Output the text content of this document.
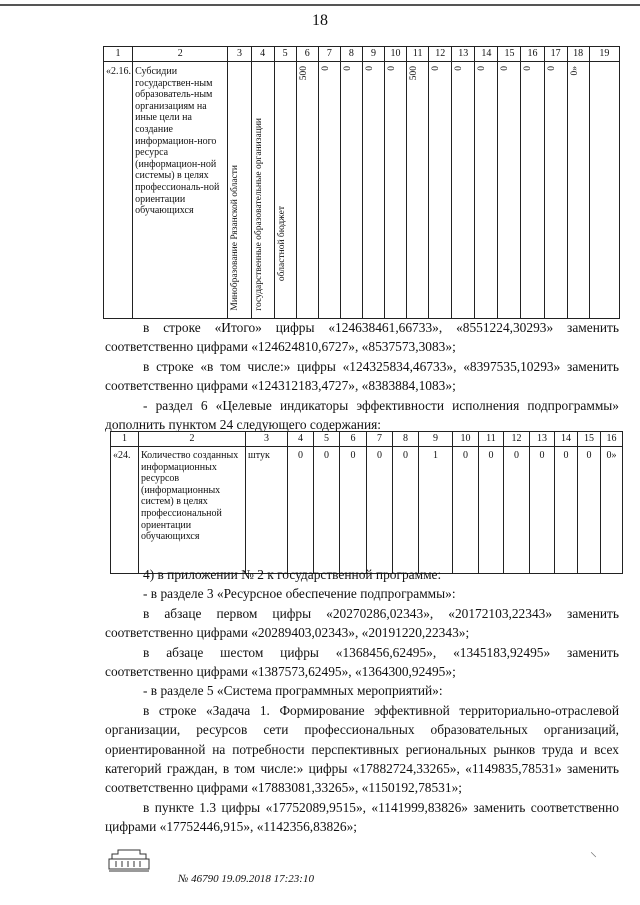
18
1	2	3	4	5	6	7	8	9	10	11	12	13	14	15	16	17	18	19
«2.16.	Субсидии государствен-ным образователь-ным организациям на иные цели на создание информацион-ного ресурса (информацион-ной системы) в целях профессиональ-ной ориентации обучающихся	Минобразование Рязанской области	государственные образовательные организации	областной бюджет	500	0	0	0	0	500	0	0	0	0	0	0	0»	

в строке «Итого» цифры «124638461,66733», «8551224,30293» заменить соответственно цифрами «124624810,6727», «8537573,3083»;

в строке «в том числе:» цифры «124325834,46733», «8397535,10293» заменить соответственно цифрами «124312183,4727», «8383884,1083»;

- раздел 6 «Целевые индикаторы эффективности исполнения подпрограммы» дополнить пунктом 24 следующего содержания:

1	2	3	4	5	6	7	8	9	10	11	12	13	14	15	16
«24.	Количество созданных информационных ресурсов (информационных систем) в целях профессиональной ориентации обучающихся	штук	0	0	0	0	0	1	0	0	0	0	0	0	0»

4) в приложении № 2 к государственной программе:

- в разделе 3 «Ресурсное обеспечение подпрограммы»:

в абзаце первом цифры «20270286,02343», «20172103,22343» заменить соответственно цифрами «20289403,02343», «20191220,22343»;

в абзаце шестом цифры «1368456,62495», «1345183,92495» заменить соответственно цифрами «1387573,62495», «1364300,92495»;

- в разделе 5 «Система программных мероприятий»:

в строке «Задача 1. Формирование эффективной территориально-отраслевой организации, ресурсов сети профессиональных образовательных организаций, ориентированной на потребности перспективных региональных рынков труда и всех категорий граждан, в том числе:» цифры «17882724,33265», «1149835,78531» заменить соответственно цифрами «17883081,33265», «1150192,78531»;

в пункте 1.3 цифры «17752089,9515», «1141999,83826» заменить соответственно цифрами «17752446,915», «1142356,83826»;

№ 46790 19.09.2018 17:23:10
⸌
